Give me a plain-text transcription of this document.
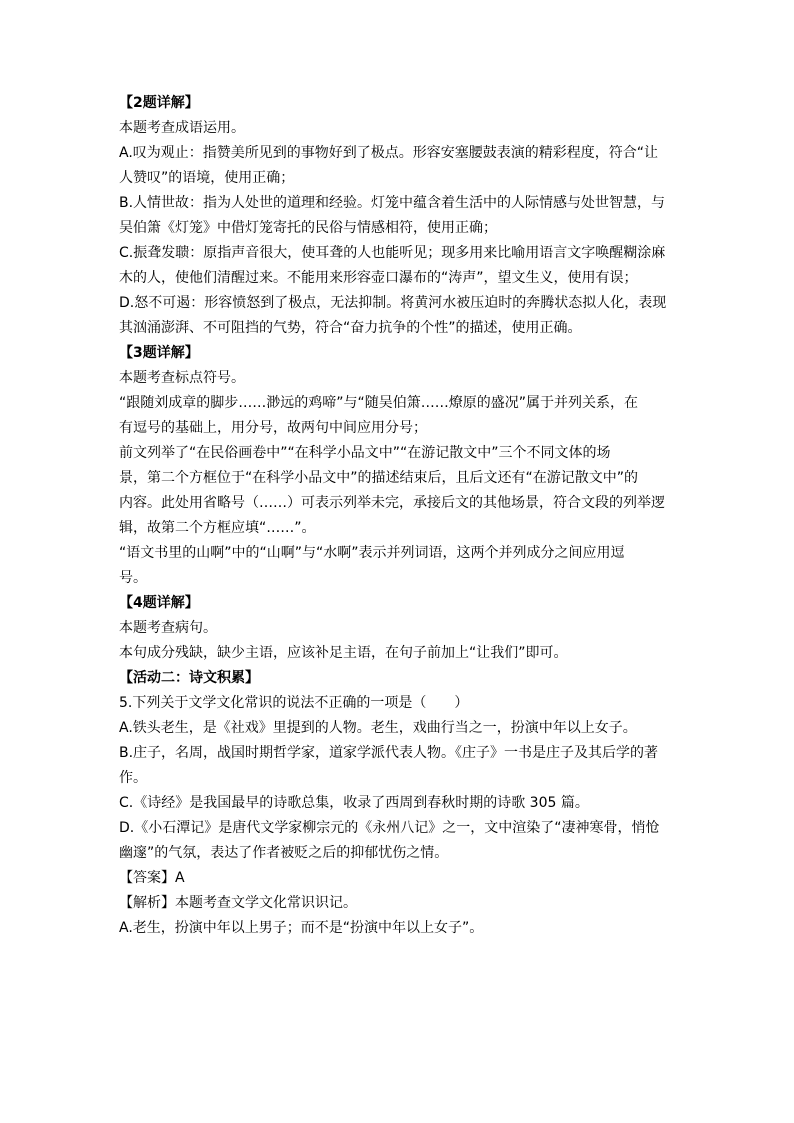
【2题详解】
本题考查成语运用。
A.叹为观止：指赞美所见到的事物好到了极点。形容安塞腰鼓表演的精彩程度，符合“让
人赞叹”的语境，使用正确；
B.人情世故：指为人处世的道理和经验。灯笼中蕴含着生活中的人际情感与处世智慧，与
吴伯箫《灯笼》中借灯笼寄托的民俗与情感相符，使用正确；
C.振聋发聩：原指声音很大，使耳聋的人也能听见；现多用来比喻用语言文字唤醒糊涂麻
木的人，使他们清醒过来。不能用来形容壶口瀑布的“涛声”，望文生义，使用有误；
D.怒不可遏：形容愤怒到了极点，无法抑制。将黄河水被压迫时的奔腾状态拟人化，表现
其汹涌澎湃、不可阻挡的气势，符合“奋力抗争的个性”的描述，使用正确。
【3题详解】
本题考查标点符号。
“跟随刘成章的脚步……渺远的鸡啼”与“随吴伯箫……燎原的盛况”属于并列关系，在
有逗号的基础上，用分号，故两句中间应用分号；
前文列举了“在民俗画卷中”“在科学小品文中”“在游记散文中”三个不同文体的场
景，第二个方框位于“在科学小品文中”的描述结束后，且后文还有“在游记散文中”的
内容。此处用省略号（……）可表示列举未完，承接后文的其他场景，符合文段的列举逻
辑，故第二个方框应填“……”。
“语文书里的山啊”中的“山啊”与“水啊”表示并列词语，这两个并列成分之间应用逗
号。
【4题详解】
本题考查病句。
本句成分残缺，缺少主语，应该补足主语，在句子前加上“让我们”即可。
【活动二：诗文积累】
5.下列关于文学文化常识的说法不正确的一项是（　　）
A.铁头老生，是《社戏》里提到的人物。老生，戏曲行当之一，扮演中年以上女子。
B.庄子，名周，战国时期哲学家，道家学派代表人物。《庄子》一书是庄子及其后学的著
作。
C.《诗经》是我国最早的诗歌总集，收录了西周到春秋时期的诗歌 305 篇。
D.《小石潭记》是唐代文学家柳宗元的《永州八记》之一，文中渲染了“凄神寒骨，悄怆
幽邃”的气氛，表达了作者被贬之后的抑郁忧伤之情。
【答案】A
【解析】本题考查文学文化常识识记。
A.老生，扮演中年以上男子；而不是“扮演中年以上女子”。
